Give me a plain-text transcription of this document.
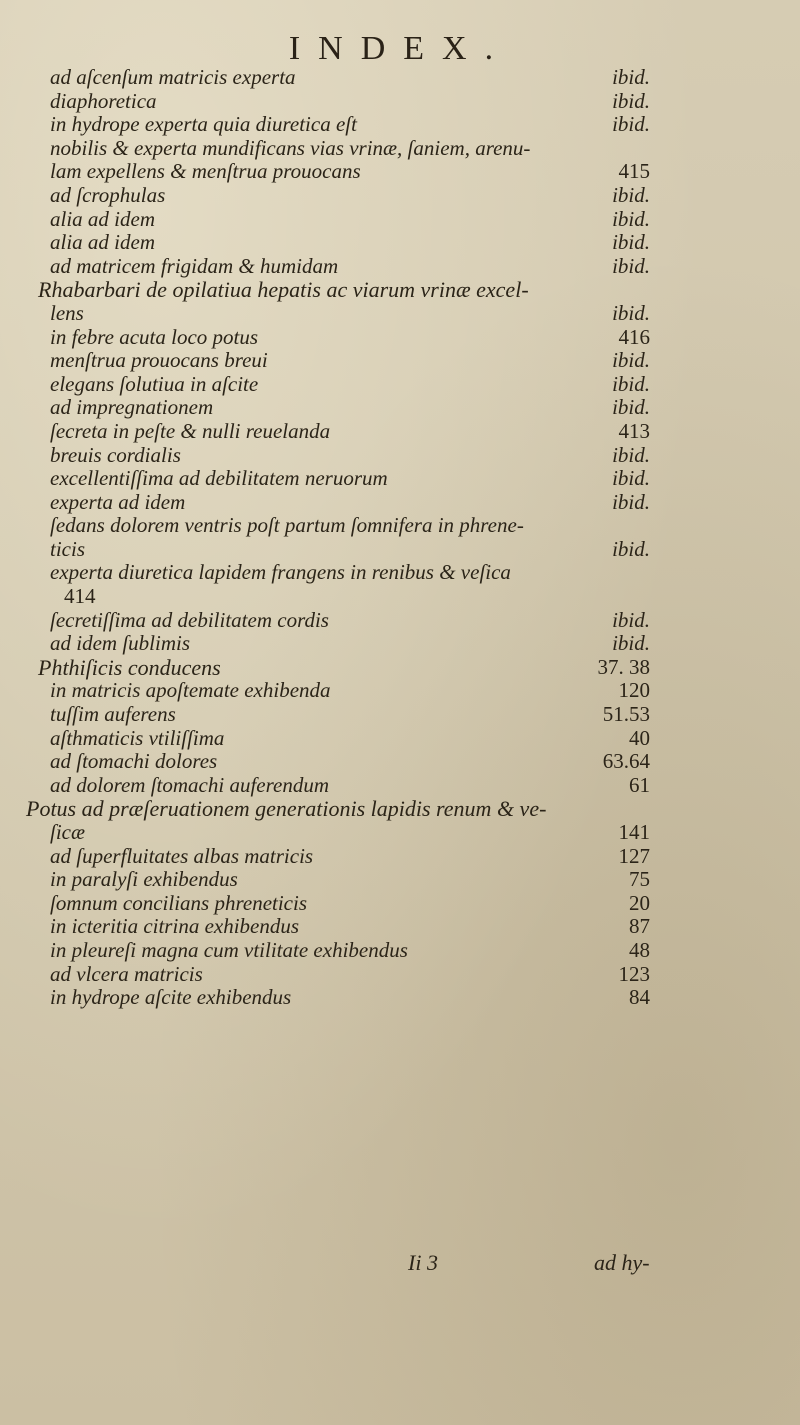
INDEX.
ad aſcenſum matricis experta	ibid.
diaphoretica	ibid.
in hydrope experta quia diuretica eſt	ibid.
nobilis & experta mundificans vias vrinæ, ſaniem, arenu-
lam expellens & menſtrua prouocans	415
ad ſcrophulas	ibid.
alia ad idem	ibid.
alia ad idem	ibid.
ad matricem frigidam & humidam	ibid.
Rhabarbari de opilatiua hepatis ac viarum vrinæ excel-
lens	ibid.
in febre acuta loco potus	416
menſtrua prouocans breui	ibid.
elegans ſolutiua in aſcite	ibid.
ad impregnationem	ibid.
ſecreta in peſte & nulli reuelanda	413
breuis cordialis	ibid.
excellentiſſima ad debilitatem neruorum	ibid.
experta ad idem	ibid.
ſedans dolorem ventris poſt partum ſomnifera in phrene-
ticis	ibid.
experta diuretica lapidem frangens in renibus & veſica
414
ſecretiſſima ad debilitatem cordis	ibid.
ad idem ſublimis	ibid.
Phthiſicis conducens	37. 38
in matricis apoſtemate exhibenda	120
tuſſim auferens	51.53
aſthmaticis vtiliſſima	40
ad ſtomachi dolores	63.64
ad dolorem ſtomachi auferendum	61
Potus ad præſeruationem generationis lapidis renum & ve-
ſicæ	141
ad ſuperfluitates albas matricis	127
in paralyſi exhibendus	75
ſomnum concilians phreneticis	20
in icteritia citrina exhibendus	87
in pleureſi magna cum vtilitate exhibendus	48
ad vlcera matricis	123
in hydrope aſcite exhibendus	84
Ii 3	ad hy-
